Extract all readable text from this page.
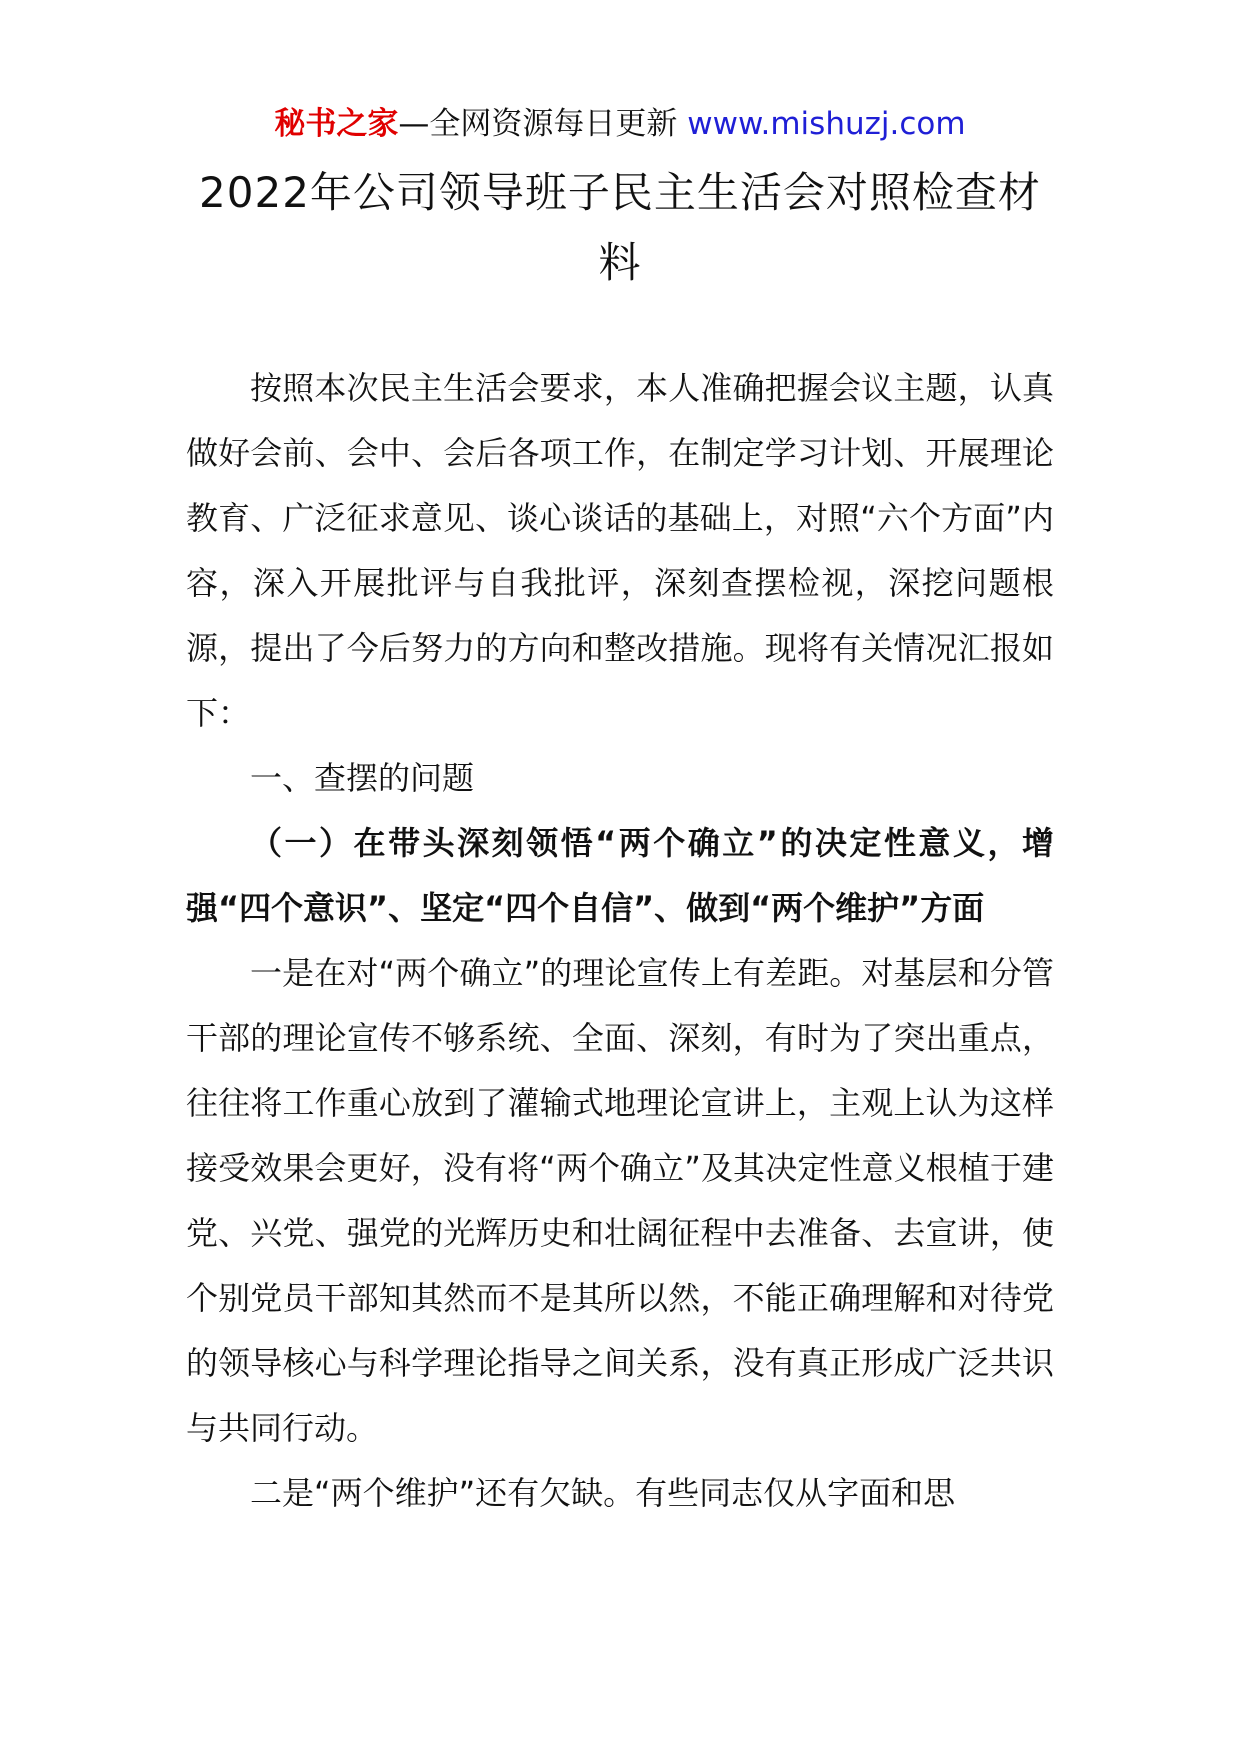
秘书之家—全网资源每日更新 www.mishuzj.com
2022年公司领导班子民主生活会对照检查材料

按照本次民主生活会要求，本人准确把握会议主题，认真做好会前、会中、会后各项工作，在制定学习计划、开展理论教育、广泛征求意见、谈心谈话的基础上，对照“六个方面”内容，深入开展批评与自我批评，深刻查摆检视，深挖问题根源，提出了今后努力的方向和整改措施。现将有关情况汇报如下：

一、查摆的问题

（一）在带头深刻领悟“两个确立”的决定性意义，增强“四个意识”、坚定“四个自信”、做到“两个维护”方面

一是在对“两个确立”的理论宣传上有差距。对基层和分管干部的理论宣传不够系统、全面、深刻，有时为了突出重点，往往将工作重心放到了灌输式地理论宣讲上，主观上认为这样接受效果会更好，没有将“两个确立”及其决定性意义根植于建党、兴党、强党的光辉历史和壮阔征程中去准备、去宣讲，使个别党员干部知其然而不是其所以然，不能正确理解和对待党的领导核心与科学理论指导之间关系，没有真正形成广泛共识与共同行动。

二是“两个维护”还有欠缺。有些同志仅从字面和思
